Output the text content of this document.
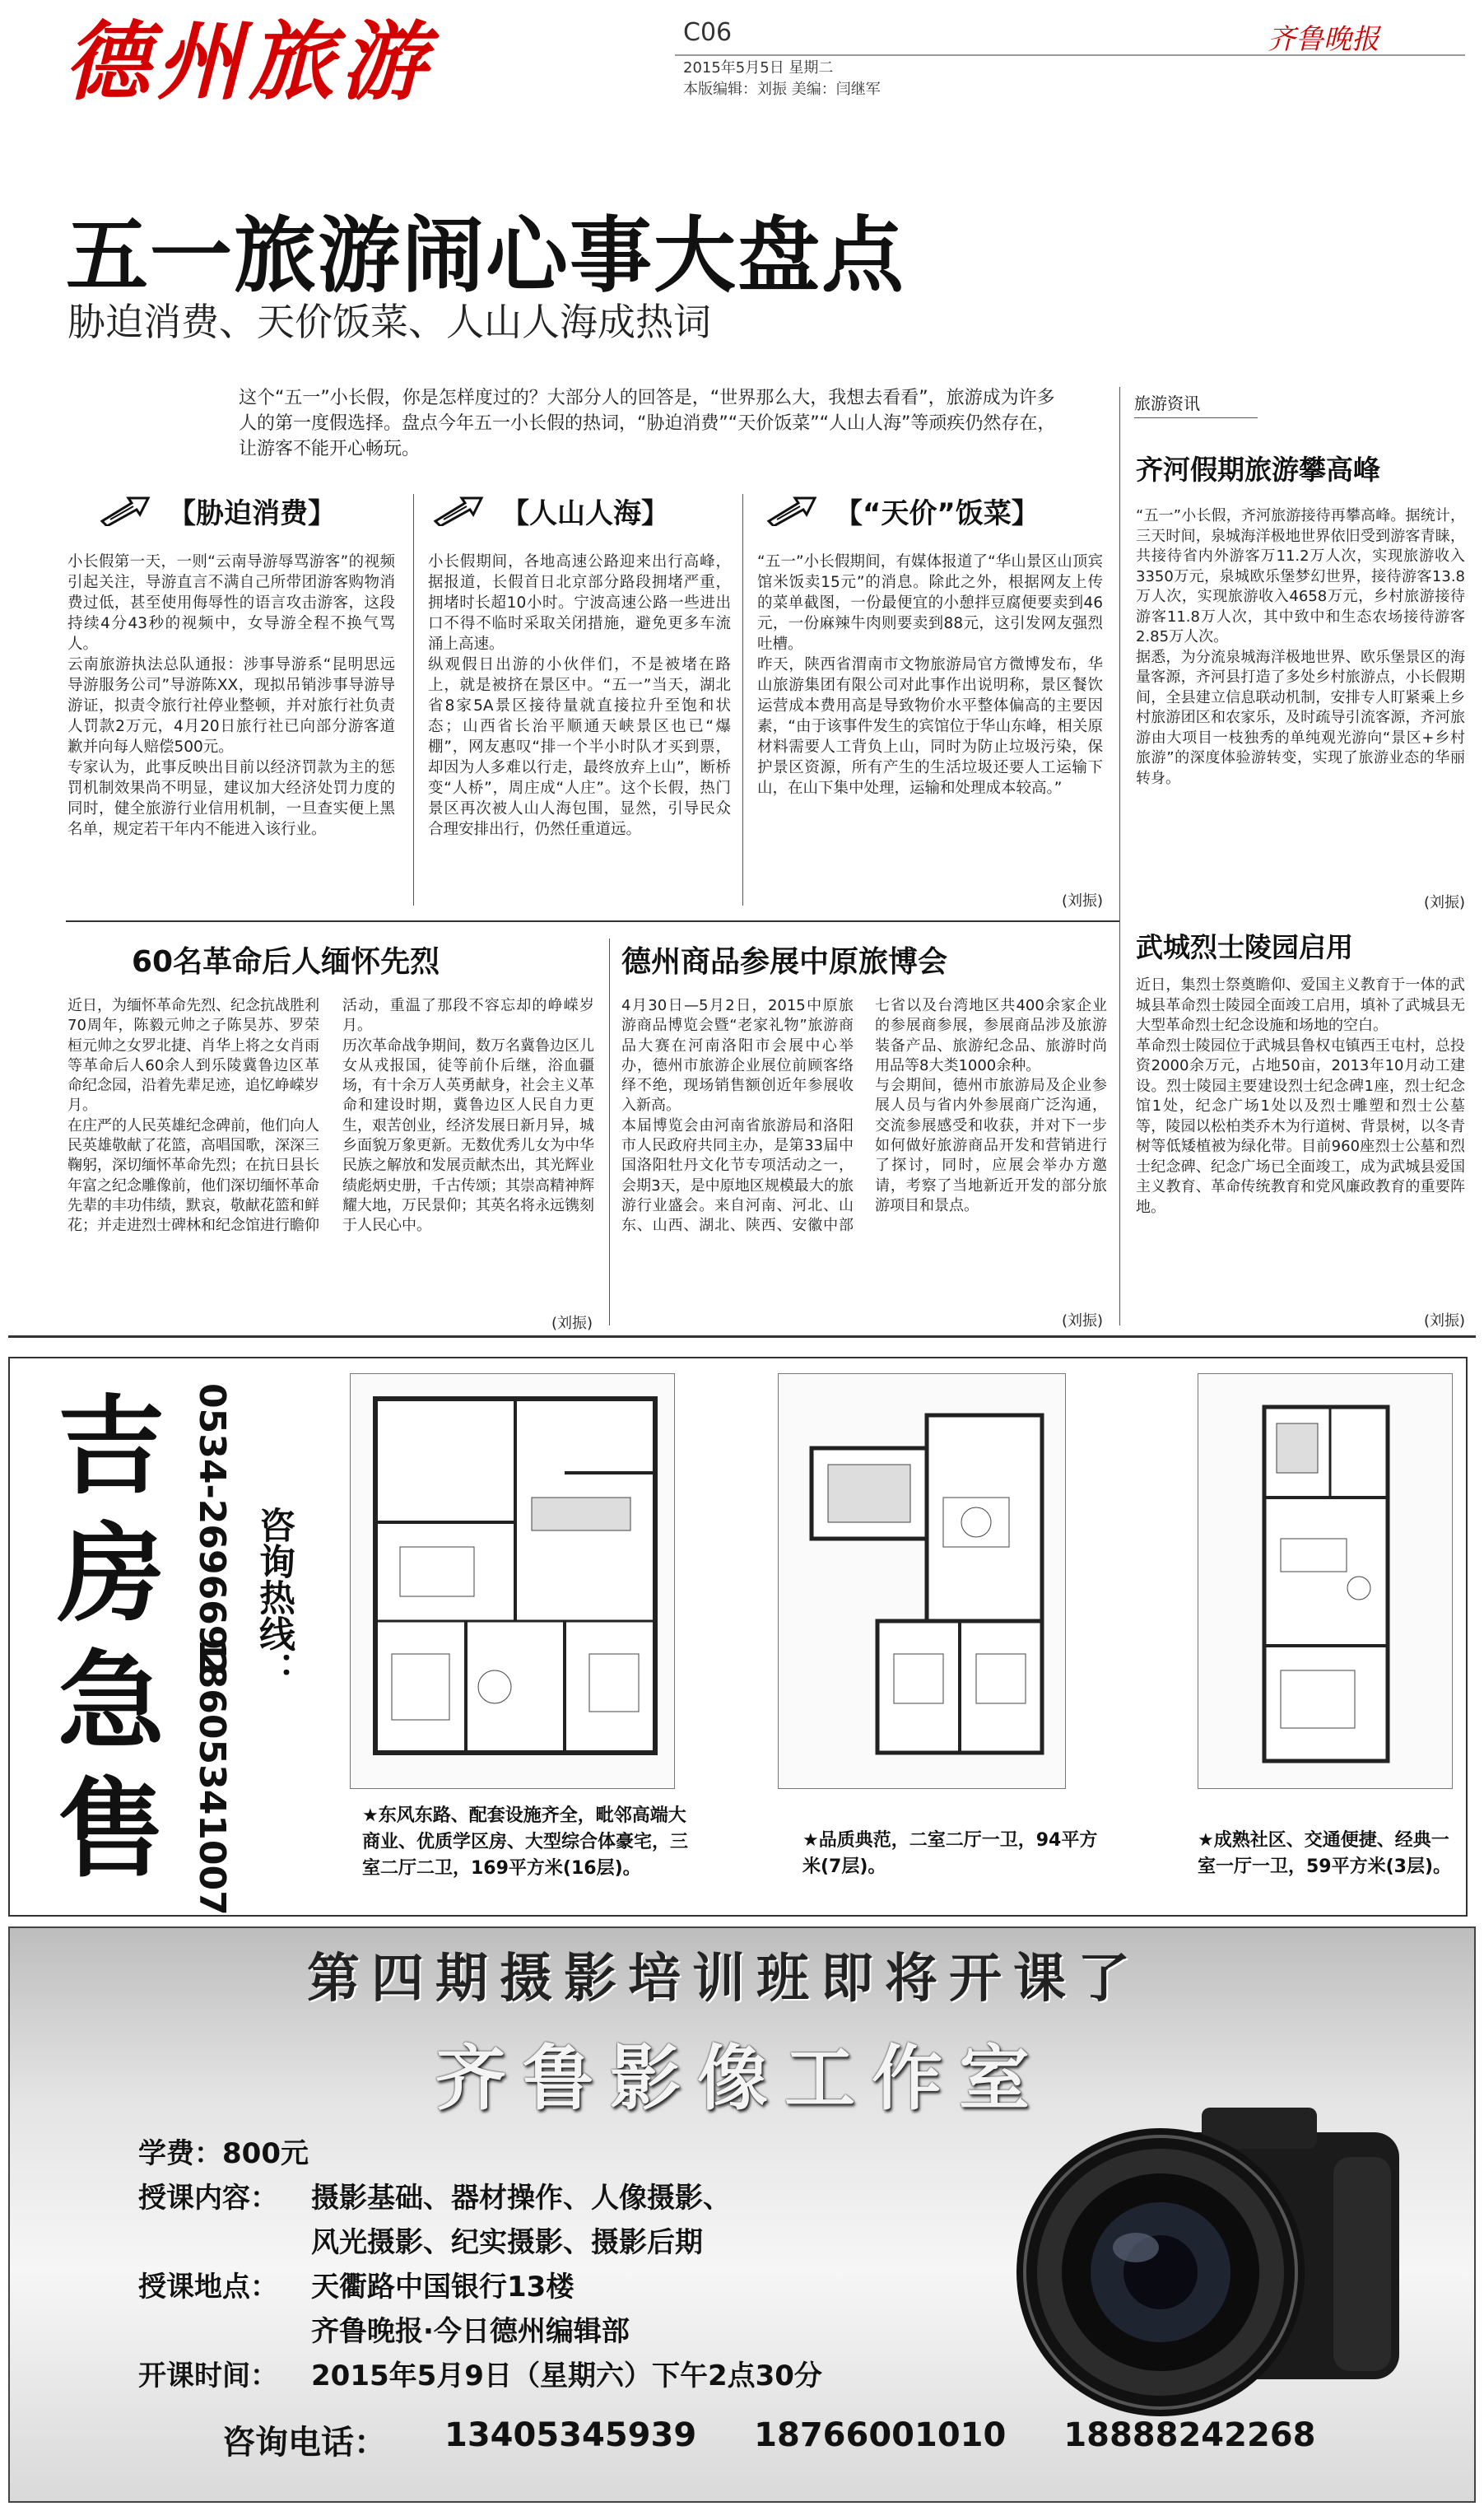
德州旅游	C06
2015年5月5日 星期二
本版编辑：刘振 美编：闫继军
齐鲁晚报
五一旅游闹心事大盘点
胁迫消费、天价饭菜、人山人海成热词
这个“五一”小长假，你是怎样度过的？大部分人的回答是，“世界那么大，我想去看看”，旅游成为许多人的第一度假选择。盘点今年五一小长假的热词，“胁迫消费”“天价饭菜”“人山人海”等顽疾仍然存在，让游客不能开心畅玩。
【胁迫消费】	【人山人海】	【“天价”饭菜】
小长假第一天，一则“云南导游辱骂游客”的视频引起关注，导游直言不满自己所带团游客购物消费过低，甚至使用侮辱性的语言攻击游客，这段持续4分43秒的视频中，女导游全程不换气骂人。
云南旅游执法总队通报：涉事导游系“昆明思远导游服务公司”导游陈XX，现拟吊销涉事导游导游证，拟责令旅行社停业整顿，并对旅行社负责人罚款2万元，4月20日旅行社已向部分游客道歉并向每人赔偿500元。
专家认为，此事反映出目前以经济罚款为主的惩罚机制效果尚不明显，建议加大经济处罚力度的同时，健全旅游行业信用机制，一旦查实便上黑名单，规定若干年内不能进入该行业。
小长假期间，各地高速公路迎来出行高峰，据报道，长假首日北京部分路段拥堵严重，拥堵时长超10小时。宁波高速公路一些进出口不得不临时采取关闭措施，避免更多车流涌上高速。
纵观假日出游的小伙伴们，不是被堵在路上，就是被挤在景区中。“五一”当天，湖北省8家5A景区接待量就直接拉升至饱和状态；山西省长治平顺通天峡景区也已“爆棚”，网友惠叹“排一个半小时队才买到票，却因为人多难以行走，最终放弃上山”，断桥变“人桥”，周庄成“人庄”。这个长假，热门景区再次被人山人海包围，显然，引导民众合理安排出行，仍然任重道远。
“五一”小长假期间，有媒体报道了“华山景区山顶宾馆米饭卖15元”的消息。除此之外，根据网友上传的菜单截图，一份最便宜的小憩拌豆腐便要卖到46元，一份麻辣牛肉则要卖到88元，这引发网友强烈吐槽。
昨天，陕西省渭南市文物旅游局官方微博发布，华山旅游集团有限公司对此事作出说明称，景区餐饮运营成本费用高是导致物价水平整体偏高的主要因素，“由于该事件发生的宾馆位于华山东峰，相关原材料需要人工背负上山，同时为防止垃圾污染，保护景区资源，所有产生的生活垃圾还要人工运输下山，在山下集中处理，运输和处理成本较高。”
(刘振)
旅游资讯
齐河假期旅游攀高峰
“五一”小长假，齐河旅游接待再攀高峰。据统计，三天时间，泉城海洋极地世界依旧受到游客青睐，共接待省内外游客万11.2万人次，实现旅游收入3350万元，泉城欧乐堡梦幻世界，接待游客13.8万人次，实现旅游收入4658万元，乡村旅游接待游客11.8万人次，其中致中和生态农场接待游客2.85万人次。
据悉，为分流泉城海洋极地世界、欧乐堡景区的海量客源，齐河县打造了多处乡村旅游点，小长假期间，全县建立信息联动机制，安排专人盯紧乘上乡村旅游团区和农家乐，及时疏导引流客源，齐河旅游由大项目一枝独秀的单纯观光游向“景区+乡村旅游”的深度体验游转变，实现了旅游业态的华丽转身。
(刘振)
武城烈士陵园启用
近日，集烈士祭奠瞻仰、爱国主义教育于一体的武城县革命烈士陵园全面竣工启用，填补了武城县无大型革命烈士纪念设施和场地的空白。
革命烈士陵园位于武城县鲁权屯镇西王屯村，总投资2000余万元，占地50亩，2013年10月动工建设。烈士陵园主要建设烈士纪念碑1座，烈士纪念馆1处，纪念广场1处以及烈士雕塑和烈士公墓等，陵园以松柏类乔木为行道树、背景树，以冬青树等低矮植被为绿化带。目前960座烈士公墓和烈士纪念碑、纪念广场已全面竣工，成为武城县爱国主义教育、革命传统教育和党风廉政教育的重要阵地。
(刘振)
60名革命后人缅怀先烈	德州商品参展中原旅博会
近日，为缅怀革命先烈、纪念抗战胜利70周年，陈毅元帅之子陈昊苏、罗荣桓元帅之女罗北捷、肖华上将之女肖雨等革命后人60余人到乐陵冀鲁边区革命纪念园，沿着先辈足迹，追忆峥嵘岁月。
在庄严的人民英雄纪念碑前，他们向人民英雄敬献了花篮，高唱国歌，深深三鞠躬，深切缅怀革命先烈；在抗日县长年富之纪念雕像前，他们深切缅怀革命先辈的丰功伟绩，默哀，敬献花篮和鲜花；并走进烈士碑林和纪念馆进行瞻仰活动，重温了那段不容忘却的峥嵘岁月。
历次革命战争期间，数万名冀鲁边区儿女从戎报国，徒等前仆后继，浴血疆场，有十余万人英勇献身，社会主义革命和建设时期，冀鲁边区人民自力更生，艰苦创业，经济发展日新月异，城乡面貌万象更新。无数优秀儿女为中华民族之解放和发展贡献杰出，其光辉业绩彪炳史册，千古传颂；其崇高精神辉耀大地，万民景仰；其英名将永远镌刻于人民心中。
(刘振)
4月30日—5月2日，2015中原旅游商品博览会暨“老家礼物”旅游商品大赛在河南洛阳市会展中心举办，德州市旅游企业展位前顾客络绎不绝，现场销售额创近年参展收入新高。
本届博览会由河南省旅游局和洛阳市人民政府共同主办，是第33届中国洛阳牡丹文化节专项活动之一，会期3天，是中原地区规模最大的旅游行业盛会。来自河南、河北、山东、山西、湖北、陕西、安徽中部七省以及台湾地区共400余家企业的参展商参展，参展商品涉及旅游装备产品、旅游纪念品、旅游时尚用品等8大类1000余种。
与会期间，德州市旅游局及企业参展人员与省内外参展商广泛沟通，交流参展感受和收获，并对下一步如何做好旅游商品开发和营销进行了探讨，同时，应展会举办方邀请，考察了当地新近开发的部分旅游项目和景点。
(刘振)
吉
房
急
售
0534-2696692
18605341007
咨询热线：
★东风东路、配套设施齐全，毗邻高端大商业、优质学区房、大型综合体豪宅，三室二厅二卫，169平方米(16层)。
★品质典范，二室二厅一卫，94平方米(7层)。
★成熟社区、交通便捷、经典一室一厅一卫，59平方米(3层)。
第四期摄影培训班即将开课了
齐鲁影像工作室
学费：800元
授课内容： 摄影基础、器材操作、人像摄影、
风光摄影、纪实摄影、摄影后期
授课地点： 天衢路中国银行13楼
齐鲁晚报·今日德州编辑部
开课时间： 2015年5月9日（星期六）下午2点30分
咨询电话： 13405345939 18766001010 18888242268
